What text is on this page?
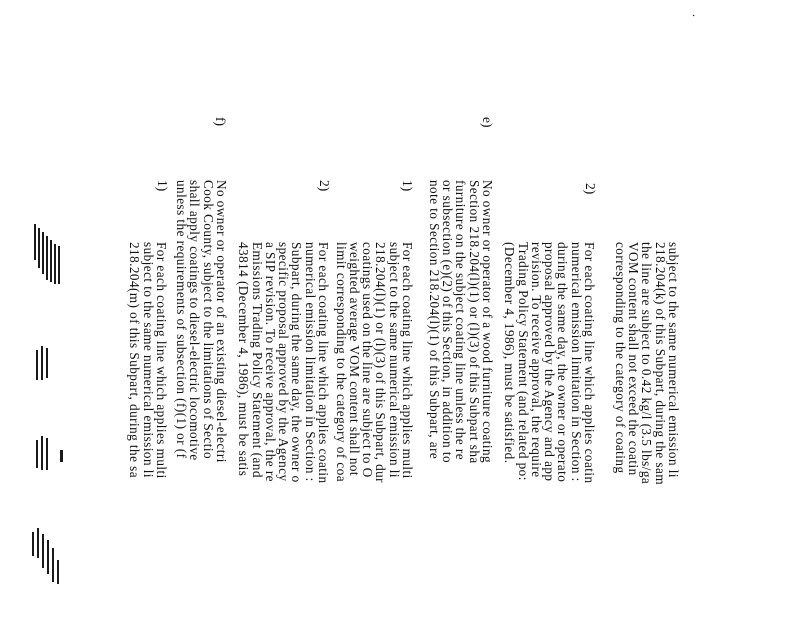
.
subject to the same numerical emission li
218.204(k) of this Subpart, during the sam
the line are subject to 0.42 kg/l (3.5 lbs/ga
VOM content shall not exceed the coatin
corresponding to the category of coating
2)
For each coating line which applies coatin
numerical emission limitation in Section :
during the same day, the owner or operato
proposal approved by the Agency and app
revision. To receive approval, the require
Trading Policy Statement (and related po:
(December 4, 1986), must be satisfied.
e)
No owner or operator of a wood furniture coating
Section 218.204(l)(1) or (l)(3) of this Subpart sha
furniture on the subject coating line unless the re
or subsection (e)(2) of this Section, in addition to
note to Section 218.204(l)(1) of this Subpart, are
1)
For each coating line which applies multi
subject to the same numerical emission li
218.204(l)(1) or (l)(3) of this Subpart, dur
coatings used on the line are subject to O
weighted average VOM content shall not
limit corresponding to the category of coa
2)
For each coating line which applies coatin
numerical emission limitation in Section :
Subpart, during the same day, the owner o
specific proposal approved by the Agency
a SIP revision. To receive approval, the re
Emissions Trading Policy Statement (and
43814 (December 4, 1986), must be satis
f)
No owner or operator of an existing diesel-electri
Cook County, subject to the limitations of Sectio
shall apply coatings to diesel-electric locomotive
unless the requirements of subsection (f)(1) or (f
1)
For each coating line which applies multi
subject to the same numerical emission li
218.204(m) of this Subpart, during the sa
